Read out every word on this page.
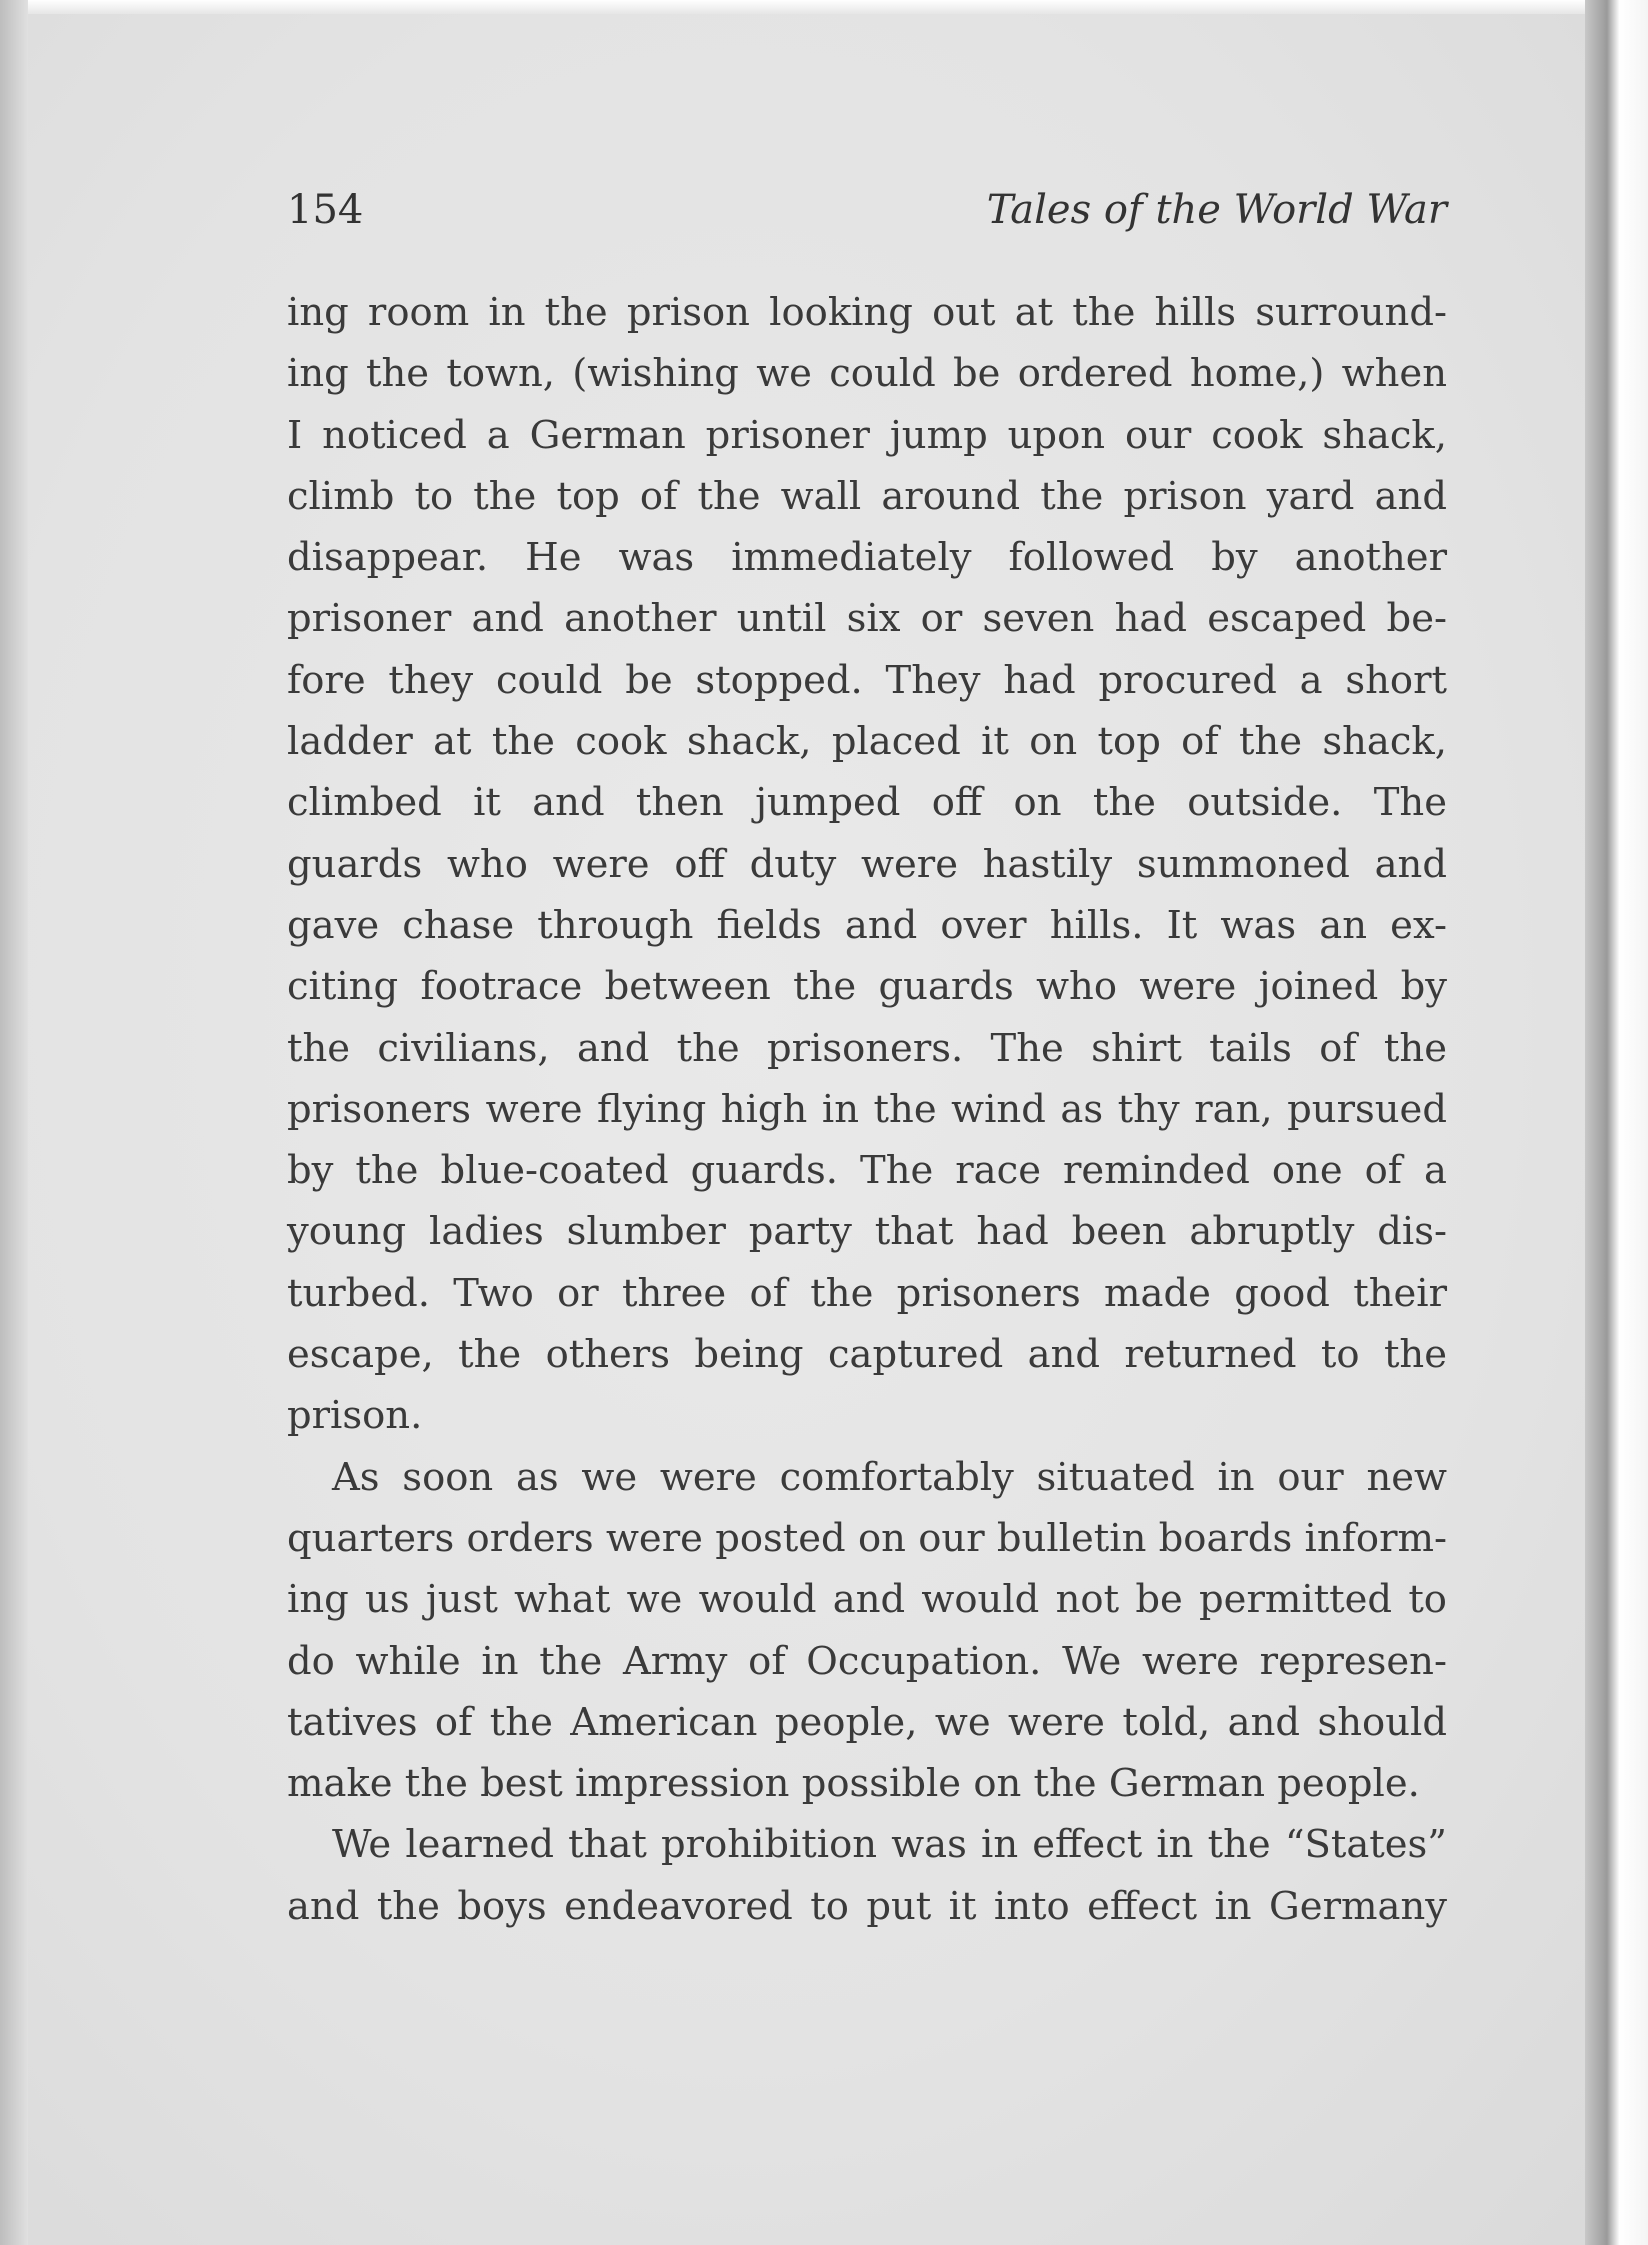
154	Tales of the World War
ing room in the prison looking out at the hills surround-
ing the town, (wishing we could be ordered home,) when
I noticed a German prisoner jump upon our cook shack,
climb to the top of the wall around the prison yard and
disappear. He was immediately followed by another
prisoner and another until six or seven had escaped be-
fore they could be stopped. They had procured a short
ladder at the cook shack, placed it on top of the shack,
climbed it and then jumped off on the outside. The
guards who were off duty were hastily summoned and
gave chase through fields and over hills. It was an ex-
citing footrace between the guards who were joined by
the civilians, and the prisoners. The shirt tails of the
prisoners were flying high in the wind as thy ran, pursued
by the blue-coated guards. The race reminded one of a
young ladies slumber party that had been abruptly dis-
turbed. Two or three of the prisoners made good their
escape, the others being captured and returned to the
prison.
As soon as we were comfortably situated in our new
quarters orders were posted on our bulletin boards inform-
ing us just what we would and would not be permitted to
do while in the Army of Occupation. We were represen-
tatives of the American people, we were told, and should
make the best impression possible on the German people.
We learned that prohibition was in effect in the “States”
and the boys endeavored to put it into effect in Germany
